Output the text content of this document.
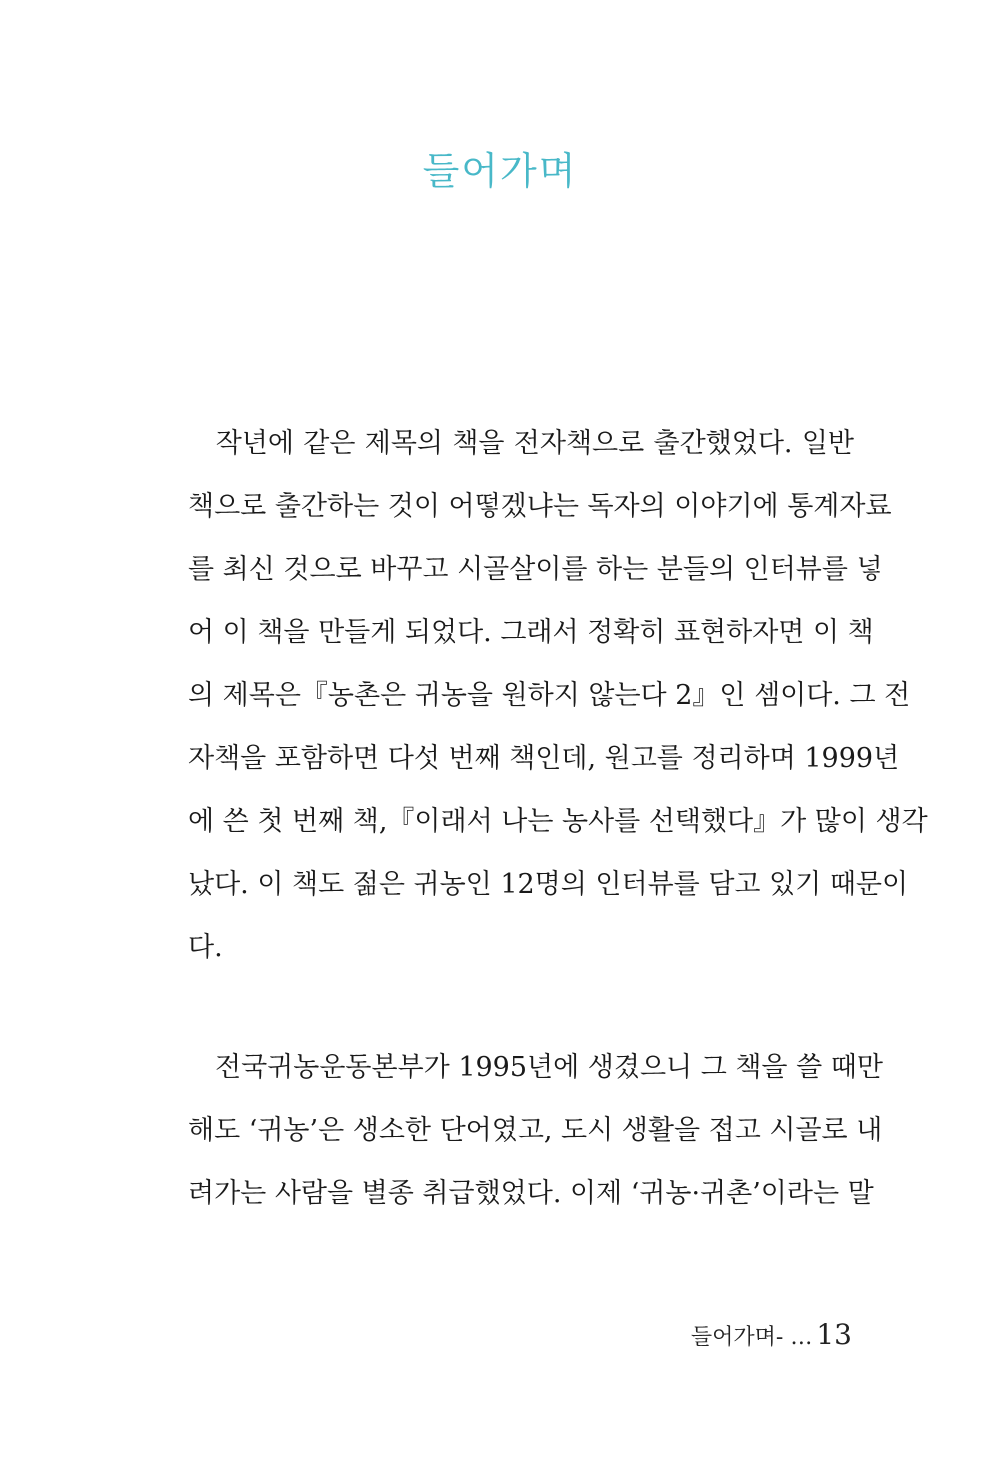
들어가며
　작년에 같은 제목의 책을 전자책으로 출간했었다. 일반
책으로 출간하는 것이 어떻겠냐는 독자의 이야기에 통계자료
를 최신 것으로 바꾸고 시골살이를 하는 분들의 인터뷰를 넣
어 이 책을 만들게 되었다. 그래서 정확히 표현하자면 이 책
의 제목은『농촌은 귀농을 원하지 않는다 2』인 셈이다. 그 전
자책을 포함하면 다섯 번째 책인데, 원고를 정리하며 1999년
에 쓴 첫 번째 책,『이래서 나는 농사를 선택했다』가 많이 생각
났다. 이 책도 젊은 귀농인 12명의 인터뷰를 담고 있기 때문이
다.
　전국귀농운동본부가 1995년에 생겼으니 그 책을 쓸 때만
해도 ‘귀농’은 생소한 단어였고, 도시 생활을 접고 시골로 내
려가는 사람을 별종 취급했었다. 이제 ‘귀농·귀촌’이라는 말
들어가며- … 13
